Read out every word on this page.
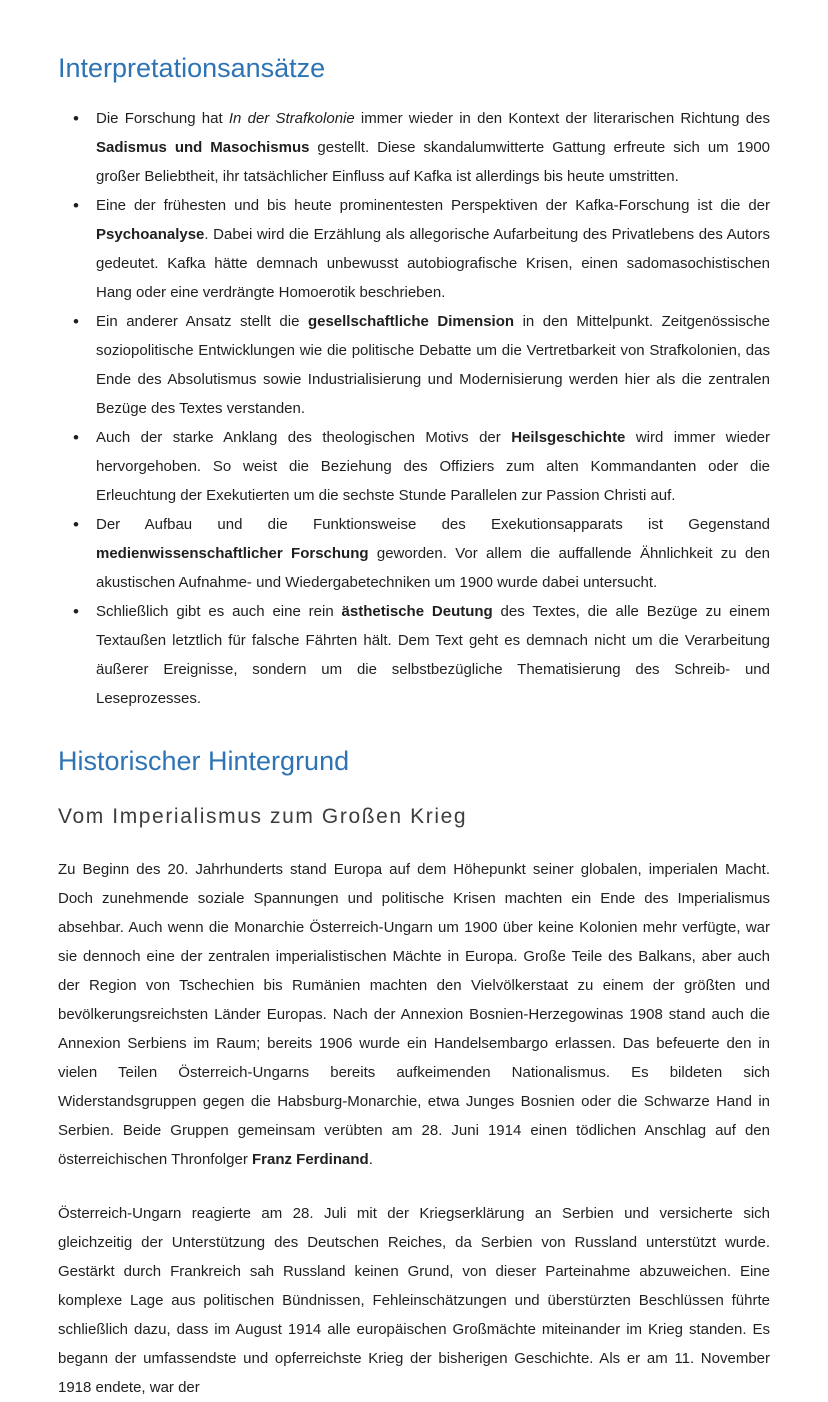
Interpretationsansätze
• Die Forschung hat In der Strafkolonie immer wieder in den Kontext der literarischen Richtung des Sadismus und Masochismus gestellt. Diese skandalumwitterte Gattung erfreute sich um 1900 großer Beliebtheit, ihr tatsächlicher Einfluss auf Kafka ist allerdings bis heute umstritten.
• Eine der frühesten und bis heute prominentesten Perspektiven der Kafka-Forschung ist die der Psychoanalyse. Dabei wird die Erzählung als allegorische Aufarbeitung des Privatlebens des Autors gedeutet. Kafka hätte demnach unbewusst autobiografische Krisen, einen sadomasochistischen Hang oder eine verdrängte Homoerotik beschrieben.
• Ein anderer Ansatz stellt die gesellschaftliche Dimension in den Mittelpunkt. Zeitgenössische soziopolitische Entwicklungen wie die politische Debatte um die Vertretbarkeit von Strafkolonien, das Ende des Absolutismus sowie Industrialisierung und Modernisierung werden hier als die zentralen Bezüge des Textes verstanden.
• Auch der starke Anklang des theologischen Motivs der Heilsgeschichte wird immer wieder hervorgehoben. So weist die Beziehung des Offiziers zum alten Kommandanten oder die Erleuchtung der Exekutierten um die sechste Stunde Parallelen zur Passion Christi auf.
• Der Aufbau und die Funktionsweise des Exekutionsapparats ist Gegenstand medienwissenschaftlicher Forschung geworden. Vor allem die auffallende Ähnlichkeit zu den akustischen Aufnahme- und Wiedergabetechniken um 1900 wurde dabei untersucht.
• Schließlich gibt es auch eine rein ästhetische Deutung des Textes, die alle Bezüge zu einem Textaußen letztlich für falsche Fährten hält. Dem Text geht es demnach nicht um die Verarbeitung äußerer Ereignisse, sondern um die selbstbezügliche Thematisierung des Schreib- und Leseprozesses.
Historischer Hintergrund
Vom Imperialismus zum Großen Krieg

Zu Beginn des 20. Jahrhunderts stand Europa auf dem Höhepunkt seiner globalen, imperialen Macht. Doch zunehmende soziale Spannungen und politische Krisen machten ein Ende des Imperialismus absehbar. Auch wenn die Monarchie Österreich-Ungarn um 1900 über keine Kolonien mehr verfügte, war sie dennoch eine der zentralen imperialistischen Mächte in Europa. Große Teile des Balkans, aber auch der Region von Tschechien bis Rumänien machten den Vielvölkerstaat zu einem der größten und bevölkerungsreichsten Länder Europas. Nach der Annexion Bosnien-Herzegowinas 1908 stand auch die Annexion Serbiens im Raum; bereits 1906 wurde ein Handelsembargo erlassen. Das befeuerte den in vielen Teilen Österreich-Ungarns bereits aufkeimenden Nationalismus. Es bildeten sich Widerstandsgruppen gegen die Habsburg-Monarchie, etwa Junges Bosnien oder die Schwarze Hand in Serbien. Beide Gruppen gemeinsam verübten am 28. Juni 1914 einen tödlichen Anschlag auf den österreichischen Thronfolger Franz Ferdinand.

Österreich-Ungarn reagierte am 28. Juli mit der Kriegserklärung an Serbien und versicherte sich gleichzeitig der Unterstützung des Deutschen Reiches, da Serbien von Russland unterstützt wurde. Gestärkt durch Frankreich sah Russland keinen Grund, von dieser Parteinahme abzuweichen. Eine komplexe Lage aus politischen Bündnissen, Fehleinschätzungen und überstürzten Beschlüssen führte schließlich dazu, dass im August 1914 alle europäischen Großmächte miteinander im Krieg standen. Es begann der umfassendste und opferreichste Krieg der bisherigen Geschichte. Als er am 11. November 1918 endete, war der
